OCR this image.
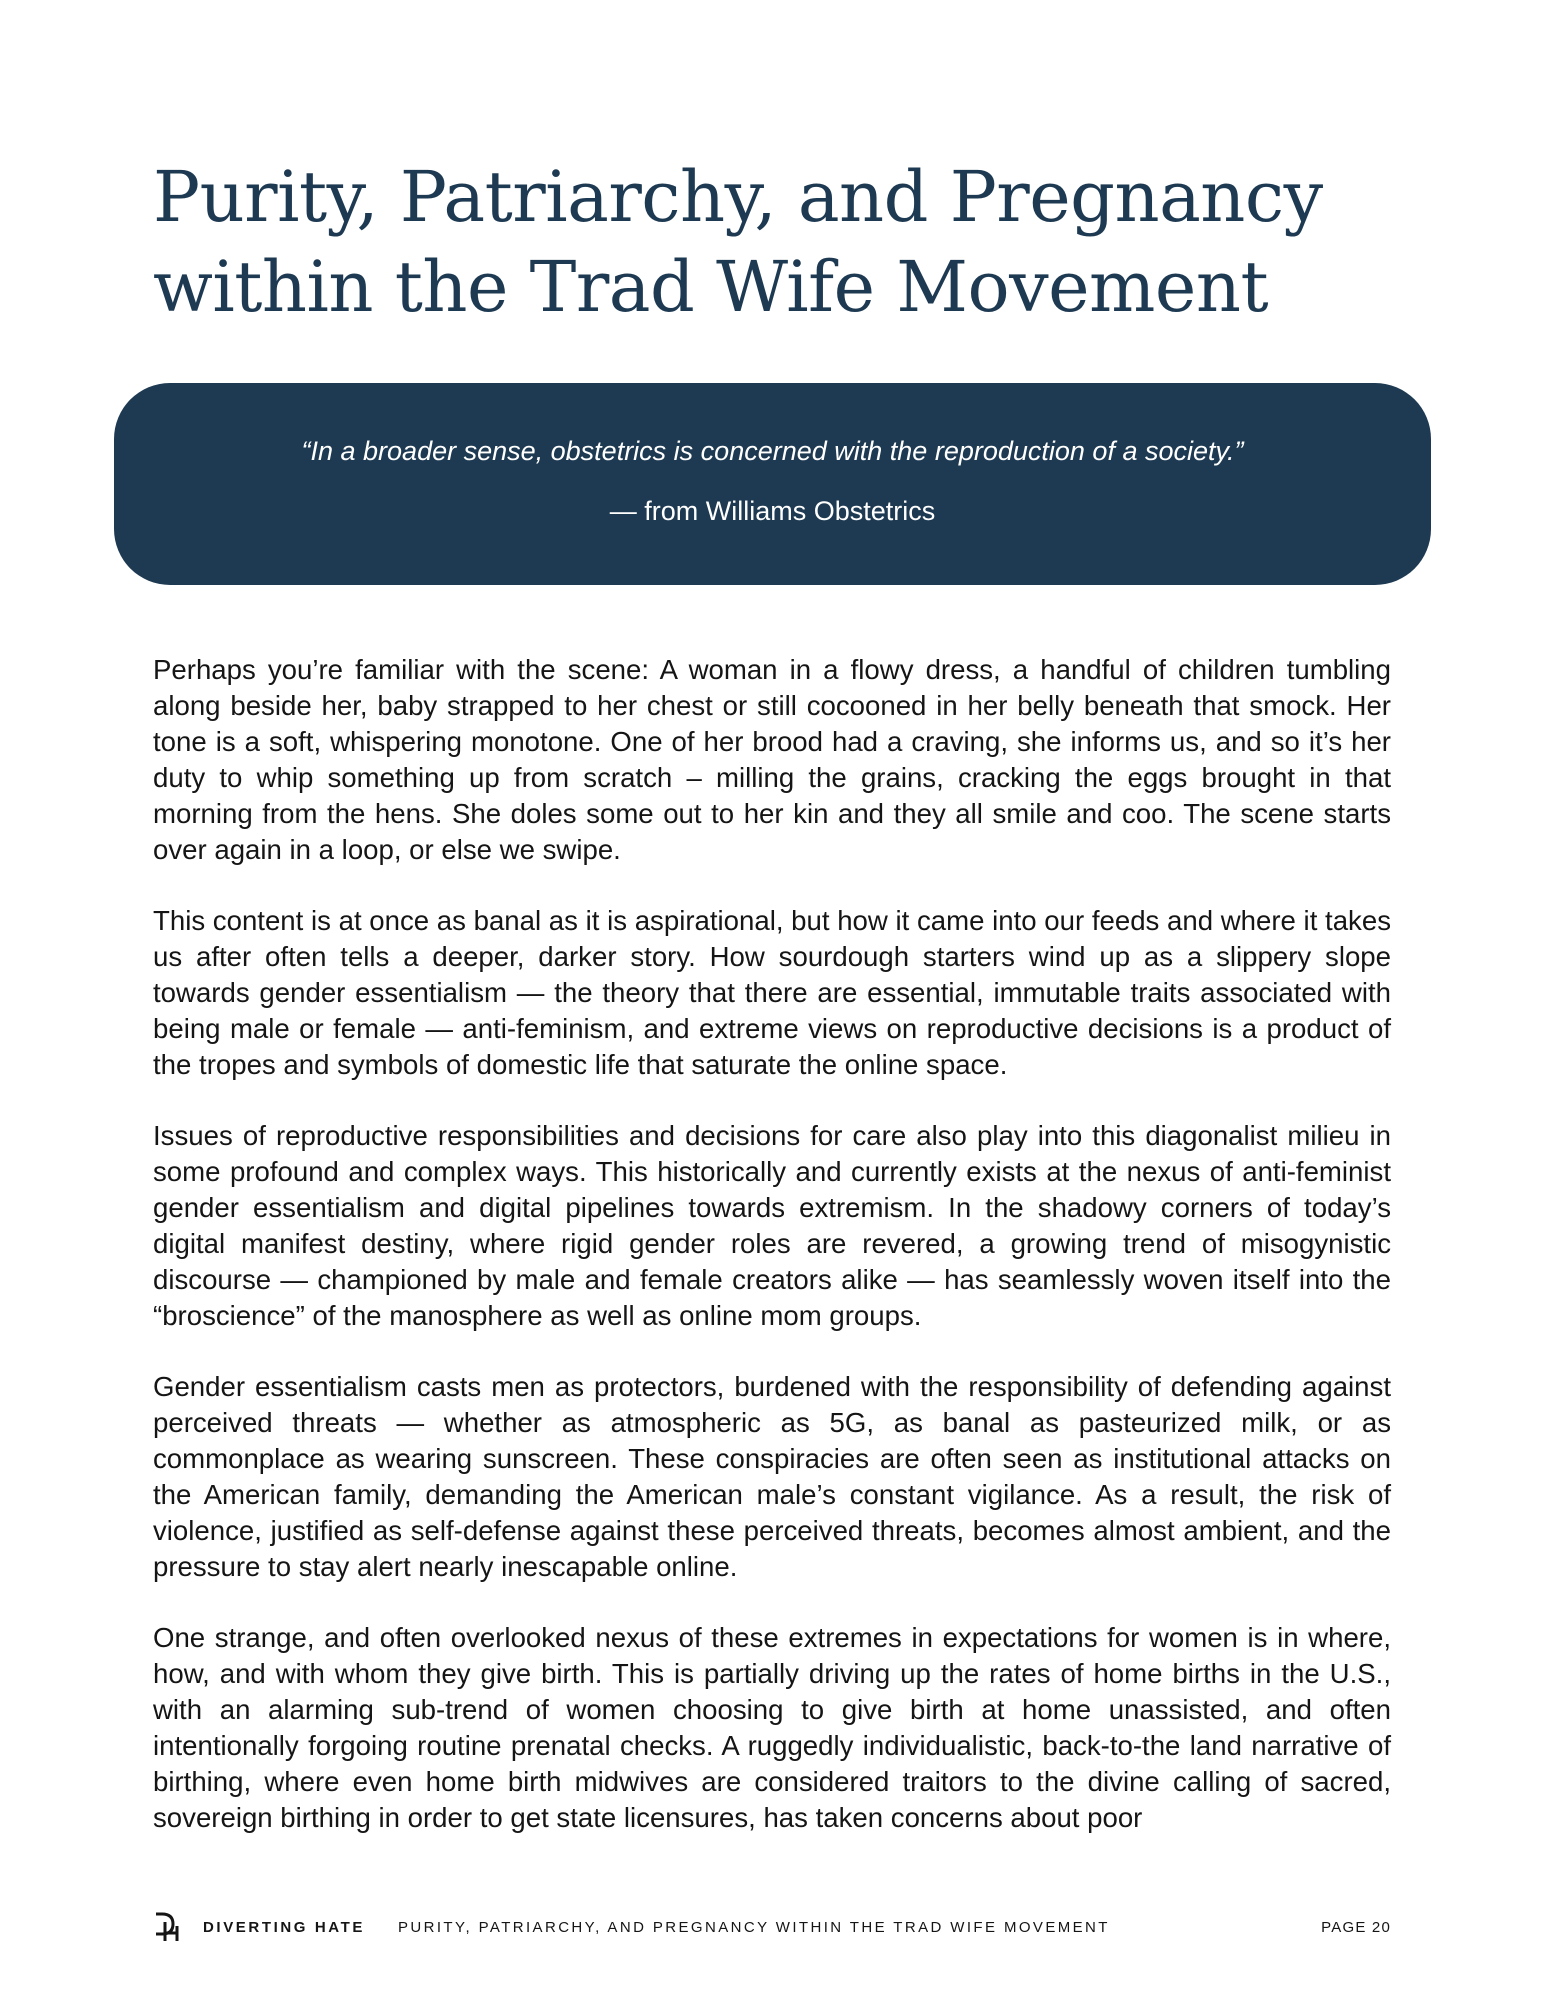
Purity, Patriarchy, and Pregnancy within the Trad Wife Movement
“In a broader sense, obstetrics is concerned with the reproduction of a society.”
— from Williams Obstetrics

Perhaps you’re familiar with the scene: A woman in a flowy dress, a handful of children tumbling along beside her, baby strapped to her chest or still cocooned in her belly beneath that smock. Her tone is a soft, whispering monotone. One of her brood had a craving, she informs us, and so it’s her duty to whip something up from scratch – milling the grains, cracking the eggs brought in that morning from the hens. She doles some out to her kin and they all smile and coo. The scene starts over again in a loop, or else we swipe.

This content is at once as banal as it is aspirational, but how it came into our feeds and where it takes us after often tells a deeper, darker story. How sourdough starters wind up as a slippery slope towards gender essentialism — the theory that there are essential, immutable traits associated with being male or female — anti-feminism, and extreme views on reproductive decisions is a product of the tropes and symbols of domestic life that saturate the online space.

Issues of reproductive responsibilities and decisions for care also play into this diagonalist milieu in some profound and complex ways. This historically and currently exists at the nexus of anti-feminist gender essentialism and digital pipelines towards extremism. In the shadowy corners of today’s digital manifest destiny, where rigid gender roles are revered, a growing trend of misogynistic discourse — championed by male and female creators alike — has seamlessly woven itself into the “broscience” of the manosphere as well as online mom groups.

Gender essentialism casts men as protectors, burdened with the responsibility of defending against perceived threats — whether as atmospheric as 5G, as banal as pasteurized milk, or as commonplace as wearing sunscreen. These conspiracies are often seen as institutional attacks on the American family, demanding the American male’s constant vigilance. As a result, the risk of violence, justified as self-defense against these perceived threats, becomes almost ambient, and the pressure to stay alert nearly inescapable online.

One strange, and often overlooked nexus of these extremes in expectations for women is in where, how, and with whom they give birth. This is partially driving up the rates of home births in the U.S., with an alarming sub-trend of women choosing to give birth at home unassisted, and often intentionally forgoing routine prenatal checks. A ruggedly individualistic, back-to-the land narrative of birthing, where even home birth midwives are considered traitors to the divine calling of sacred, sovereign birthing in order to get state licensures, has taken concerns about poor

DIVERTING HATE PURITY, PATRIARCHY, AND PREGNANCY WITHIN THE TRAD WIFE MOVEMENT	PAGE 20
